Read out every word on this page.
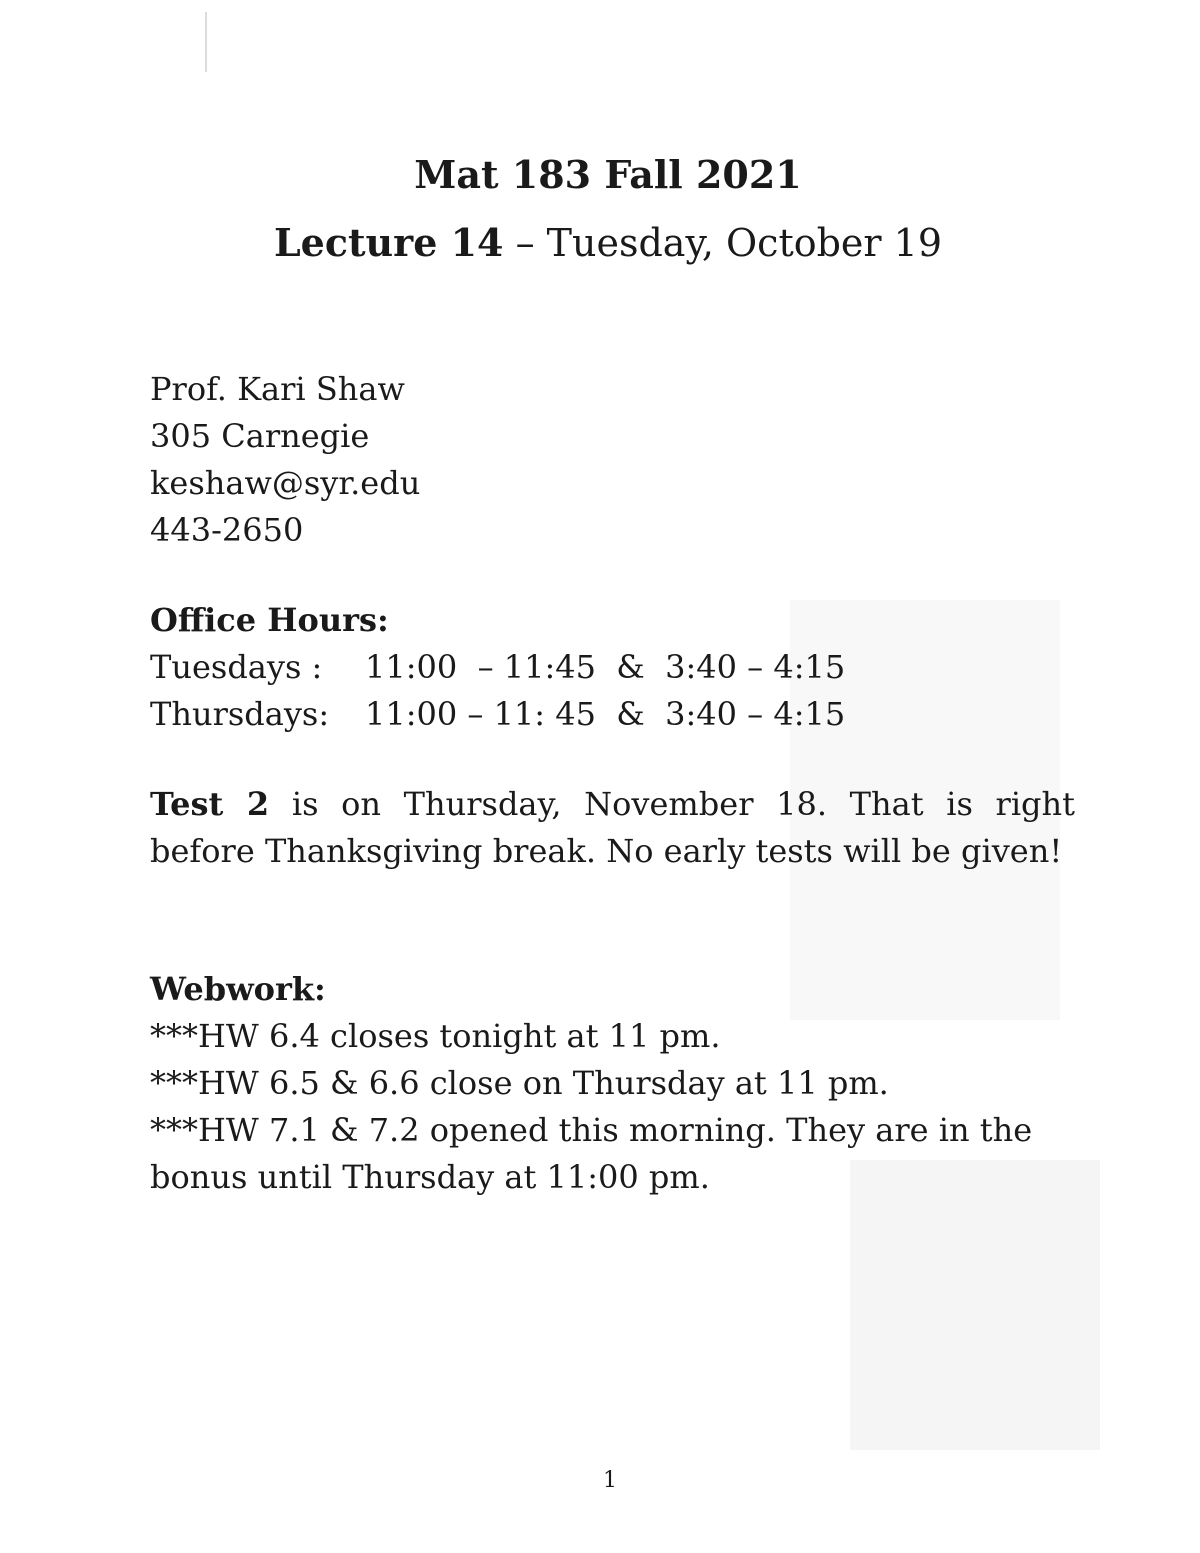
Mat 183 Fall 2021
Lecture 14 – Tuesday, October 19
Prof. Kari Shaw
305 Carnegie
keshaw@syr.edu
443-2650
Office Hours:
Tuesdays :	11:00  – 11:45  &  3:40 – 4:15
Thursdays:	11:00 – 11: 45  &  3:40 – 4:15
Test 2 is on Thursday, November 18. That is right before Thanksgiving break. No early tests will be given!
Webwork:
***HW 6.4 closes tonight at 11 pm.
***HW 6.5 & 6.6 close on Thursday at 11 pm.
***HW 7.1 & 7.2 opened this morning. They are in the bonus until Thursday at 11:00 pm.
1
